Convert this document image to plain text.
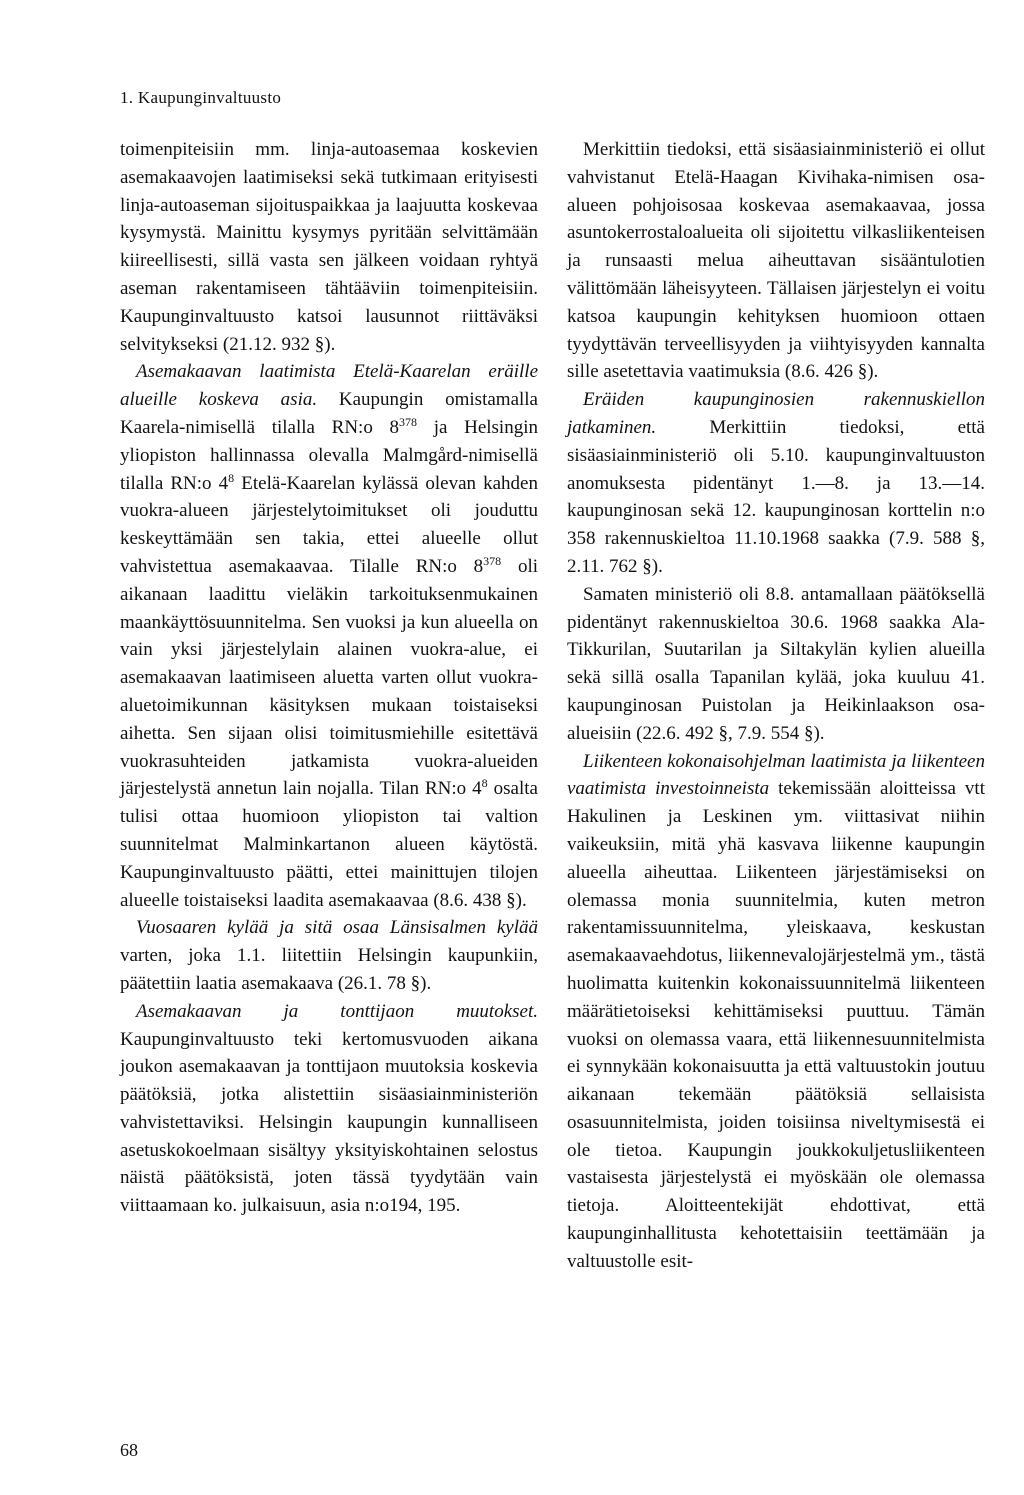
1. Kaupunginvaltuusto

toimenpiteisiin mm. linja-autoasemaa koskevien asemakaavojen laatimiseksi sekä tutkimaan erityisesti linja-autoaseman sijoituspaikkaa ja laajuutta koskevaa kysymystä. Mainittu kysymys pyritään selvittämään kiireellisesti, sillä vasta sen jälkeen voidaan ryhtyä aseman rakentamiseen tähtääviin toimenpiteisiin. Kaupunginvaltuusto katsoi lausunnot riittäväksi selvitykseksi (21.12. 932 §).

Asemakaavan laatimista Etelä-Kaarelan eräille alueille koskeva asia. Kaupungin omistamalla Kaarela-nimisellä tilalla RN:o $8^{378}$ ja Helsingin yliopiston hallinnassa olevalla Malmgård-nimisellä tilalla RN:o $4^8$ Etelä-Kaarelan kylässä olevan kahden vuokra-alueen järjestelytoimitukset oli jouduttu keskeyttämään sen takia, ettei alueelle ollut vahvistettua asemakaavaa. Tilalle RN:o $8^{378}$ oli aikanaan laadittu vieläkin tarkoituksenmukainen maankäyttösuunnitelma. Sen vuoksi ja kun alueella on vain yksi järjestelylain alainen vuokra-alue, ei asemakaavan laatimiseen aluetta varten ollut vuokra-aluetoimikunnan käsityksen mukaan toistaiseksi aihetta. Sen sijaan olisi toimitusmiehille esitettävä vuokrasuhteiden jatkamista vuokra-alueiden järjestelystä annetun lain nojalla. Tilan RN:o $4^8$ osalta tulisi ottaa huomioon yliopiston tai valtion suunnitelmat Malminkartanon alueen käytöstä. Kaupunginvaltuusto päätti, ettei mainittujen tilojen alueelle toistaiseksi laadita asemakaavaa (8.6. 438 §).

Vuosaaren kylää ja sitä osaa Länsisalmen kylää varten, joka 1.1. liitettiin Helsingin kaupunkiin, päätettiin laatia asemakaava (26.1. 78 §).

Asemakaavan ja tonttijaon muutokset. Kaupunginvaltuusto teki kertomusvuoden aikana joukon asemakaavan ja tonttijaon muutoksia koskevia päätöksiä, jotka alistettiin sisäasiainministeriön vahvistettaviksi. Helsingin kaupungin kunnalliseen asetuskokoelmaan sisältyy yksityiskohtainen selostus näistä päätöksistä, joten tässä tyydytään vain viittaamaan ko. julkaisuun, asia n:o194, 195.

Merkittiin tiedoksi, että sisäasiainministeriö ei ollut vahvistanut Etelä-Haagan Kivihaka-nimisen osa-alueen pohjoisosaa koskevaa asemakaavaa, jossa asuntokerrostaloalueita oli sijoitettu vilkasliikenteisen ja runsaasti melua aiheuttavan sisääntulotien välittömään läheisyyteen. Tällaisen järjestelyn ei voitu katsoa kaupungin kehityksen huomioon ottaen tyydyttävän terveellisyyden ja viihtyisyyden kannalta sille asetettavia vaatimuksia (8.6. 426 §).

Eräiden kaupunginosien rakennuskiellon jatkaminen. Merkittiin tiedoksi, että sisäasiainministeriö oli 5.10. kaupunginvaltuuston anomuksesta pidentänyt 1.—8. ja 13.—14. kaupunginosan sekä 12. kaupunginosan korttelin n:o 358 rakennuskieltoa 11.10.1968 saakka (7.9. 588 §, 2.11. 762 §).

Samaten ministeriö oli 8.8. antamallaan päätöksellä pidentänyt rakennuskieltoa 30.6. 1968 saakka Ala-Tikkurilan, Suutarilan ja Siltakylän kylien alueilla sekä sillä osalla Tapanilan kylää, joka kuuluu 41. kaupunginosan Puistolan ja Heikinlaakson osa-alueisiin (22.6. 492 §, 7.9. 554 §).

Liikenteen kokonaisohjelman laatimista ja liikenteen vaatimista investoinneista tekemissään aloitteissa vtt Hakulinen ja Leskinen ym. viittasivat niihin vaikeuksiin, mitä yhä kasvava liikenne kaupungin alueella aiheuttaa. Liikenteen järjestämiseksi on olemassa monia suunnitelmia, kuten metron rakentamissuunnitelma, yleiskaava, keskustan asemakaavaehdotus, liikennevalojärjestelmä ym., tästä huolimatta kuitenkin kokonaissuunnitelmä liikenteen määrätietoiseksi kehittämiseksi puuttuu. Tämän vuoksi on olemassa vaara, että liikennesuunnitelmista ei synnykään kokonaisuutta ja että valtuustokin joutuu aikanaan tekemään päätöksiä sellaisista osasuunnitelmista, joiden toisiinsa niveltymisestä ei ole tietoa. Kaupungin joukkokuljetusliikenteen vastaisesta järjestelystä ei myöskään ole olemassa tietoja. Aloitteentekijät ehdottivat, että kaupunginhallitusta kehotettaisiin teettämään ja valtuustolle esit-

68
